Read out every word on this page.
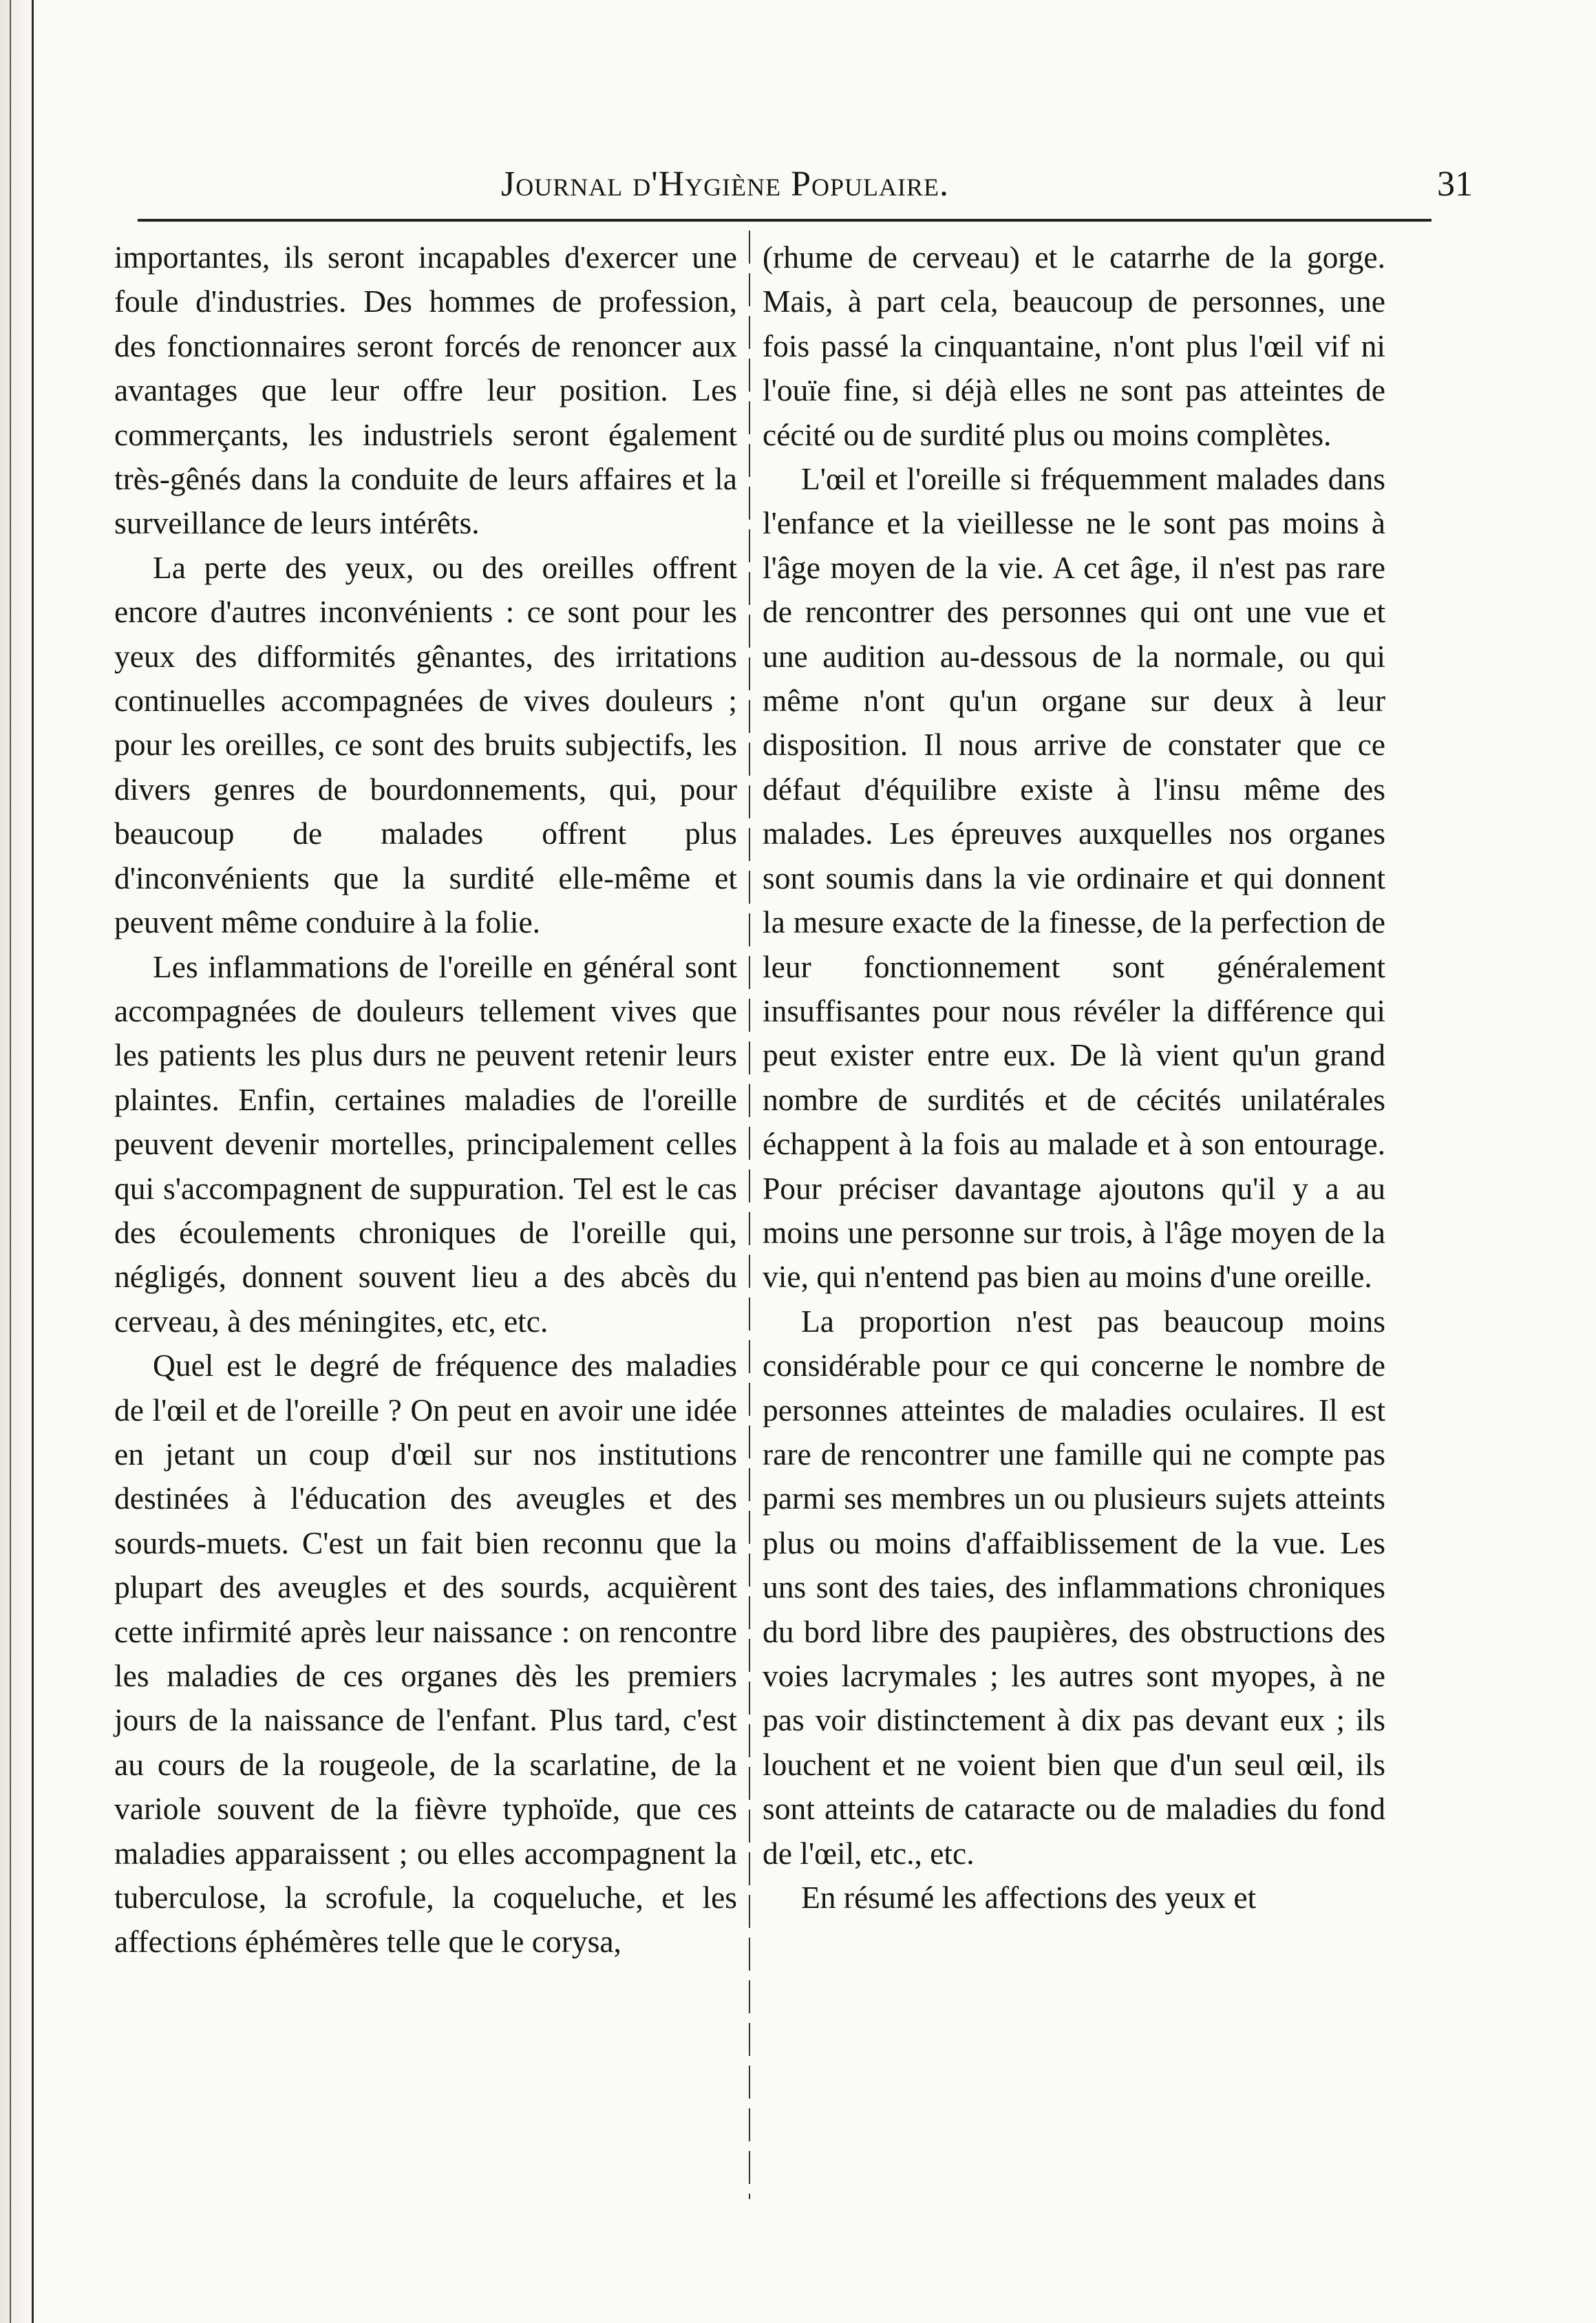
Journal d'Hygiène Populaire.	31

importantes, ils seront incapables d'exercer une foule d'industries. Des hommes de profession, des fonctionnaires seront forcés de renoncer aux avantages que leur offre leur position. Les commerçants, les industriels seront également très-gênés dans la conduite de leurs affaires et la surveillance de leurs intérêts.

La perte des yeux, ou des oreilles offrent encore d'autres inconvénients : ce sont pour les yeux des difformités gênantes, des irritations continuelles accompagnées de vives douleurs ; pour les oreilles, ce sont des bruits subjectifs, les divers genres de bourdonnements, qui, pour beaucoup de malades offrent plus d'inconvénients que la surdité elle-même et peuvent même conduire à la folie.

Les inflammations de l'oreille en général sont accompagnées de douleurs tellement vives que les patients les plus durs ne peuvent retenir leurs plaintes. Enfin, certaines maladies de l'oreille peuvent devenir mortelles, principalement celles qui s'accompagnent de suppuration. Tel est le cas des écoulements chroniques de l'oreille qui, négligés, donnent souvent lieu a des abcès du cerveau, à des méningites, etc, etc.

Quel est le degré de fréquence des maladies de l'œil et de l'oreille ? On peut en avoir une idée en jetant un coup d'œil sur nos institutions destinées à l'éducation des aveugles et des sourds-muets. C'est un fait bien reconnu que la plupart des aveugles et des sourds, acquièrent cette infirmité après leur naissance : on rencontre les maladies de ces organes dès les premiers jours de la naissance de l'enfant. Plus tard, c'est au cours de la rougeole, de la scarlatine, de la variole souvent de la fièvre typhoïde, que ces maladies apparaissent ; ou elles accompagnent la tuberculose, la scrofule, la coqueluche, et les affections éphémères telle que le corysa,

(rhume de cerveau) et le catarrhe de la gorge. Mais, à part cela, beaucoup de personnes, une fois passé la cinquantaine, n'ont plus l'œil vif ni l'ouïe fine, si déjà elles ne sont pas atteintes de cécité ou de surdité plus ou moins complètes.

L'œil et l'oreille si fréquemment malades dans l'enfance et la vieillesse ne le sont pas moins à l'âge moyen de la vie. A cet âge, il n'est pas rare de rencontrer des personnes qui ont une vue et une audition au-dessous de la normale, ou qui même n'ont qu'un organe sur deux à leur disposition. Il nous arrive de constater que ce défaut d'équilibre existe à l'insu même des malades. Les épreuves auxquelles nos organes sont soumis dans la vie ordinaire et qui donnent la mesure exacte de la finesse, de la perfection de leur fonctionnement sont généralement insuffisantes pour nous révéler la différence qui peut exister entre eux. De là vient qu'un grand nombre de surdités et de cécités unilatérales échappent à la fois au malade et à son entourage. Pour préciser davantage ajoutons qu'il y a au moins une personne sur trois, à l'âge moyen de la vie, qui n'entend pas bien au moins d'une oreille.

La proportion n'est pas beaucoup moins considérable pour ce qui concerne le nombre de personnes atteintes de maladies oculaires. Il est rare de rencontrer une famille qui ne compte pas parmi ses membres un ou plusieurs sujets atteints plus ou moins d'affaiblissement de la vue. Les uns sont des taies, des inflammations chroniques du bord libre des paupières, des obstructions des voies lacrymales ; les autres sont myopes, à ne pas voir distinctement à dix pas devant eux ; ils louchent et ne voient bien que d'un seul œil, ils sont atteints de cataracte ou de maladies du fond de l'œil, etc., etc.

En résumé les affections des yeux et
